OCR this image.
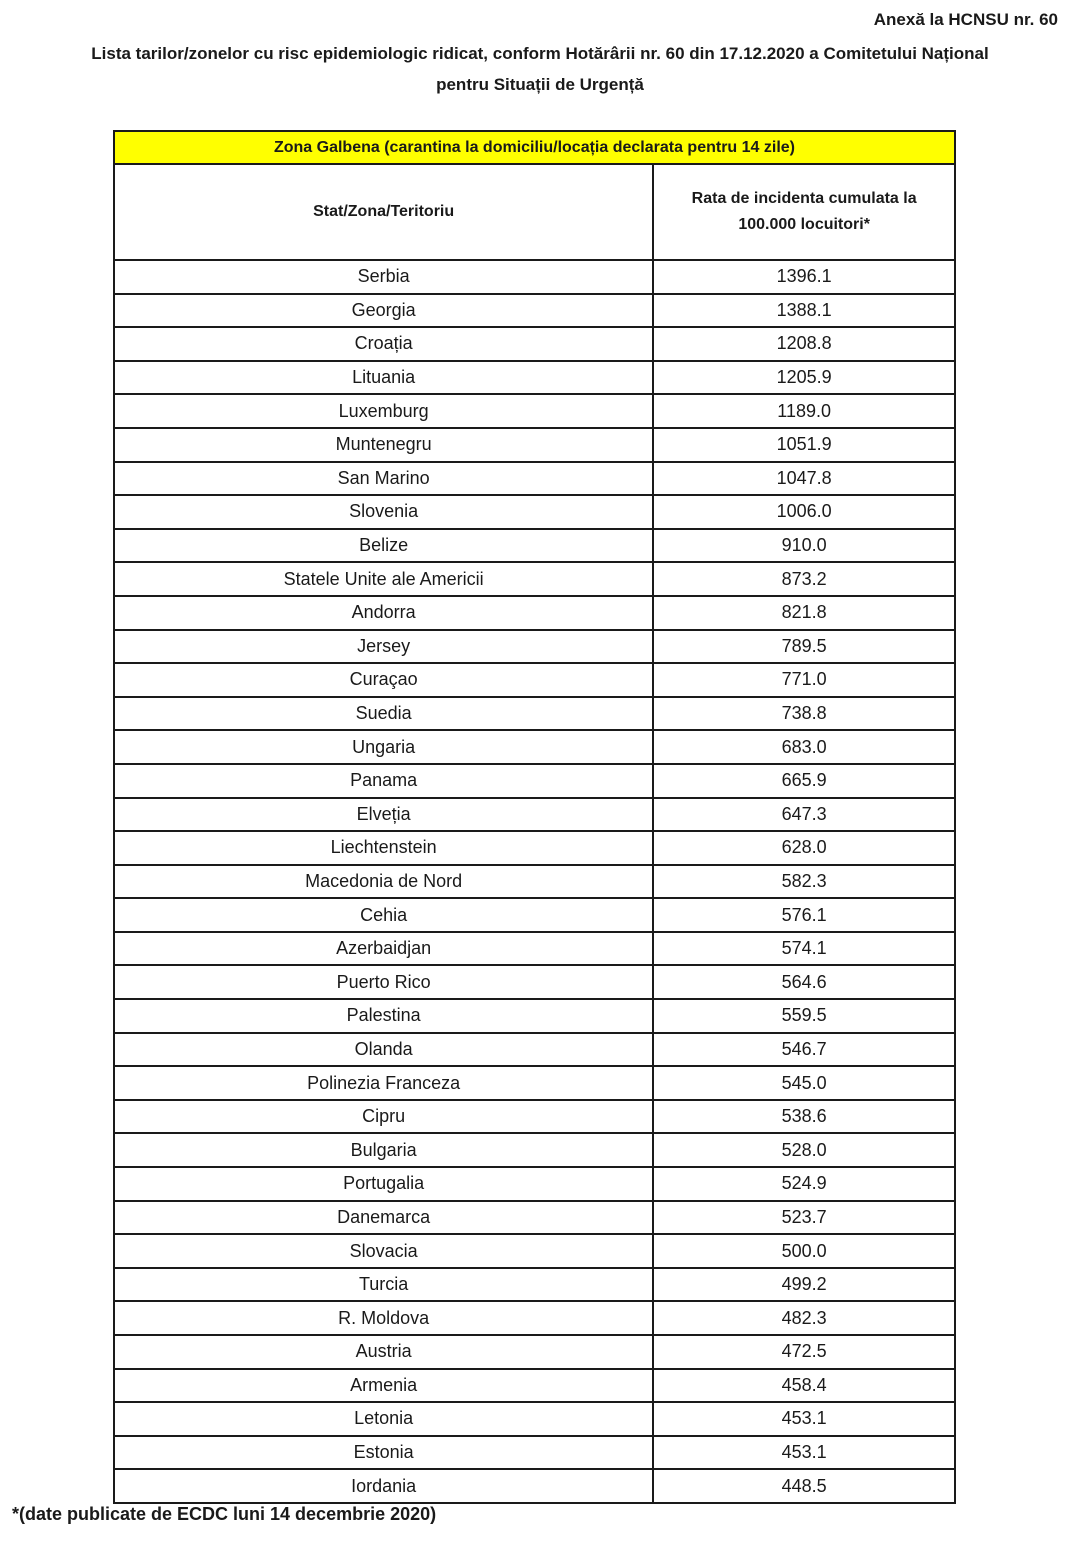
Anexă la HCNSU nr. 60
Lista tarilor/zonelor cu risc epidemiologic ridicat, conform Hotărârii nr. 60 din 17.12.2020 a Comitetului Național
pentru Situații de Urgență
Zona Galbena (carantina la domiciliu/locația declarata pentru 14 zile)	
Stat/Zona/Teritoriu	Rata de incidenta cumulata la
100.000 locuitori*
Serbia	1396.1
Georgia	1388.1
Croația	1208.8
Lituania	1205.9
Luxemburg	1189.0
Muntenegru	1051.9
San Marino	1047.8
Slovenia	1006.0
Belize	910.0
Statele Unite ale Americii	873.2
Andorra	821.8
Jersey	789.5
Curaçao	771.0
Suedia	738.8
Ungaria	683.0
Panama	665.9
Elveția	647.3
Liechtenstein	628.0
Macedonia de Nord	582.3
Cehia	576.1
Azerbaidjan	574.1
Puerto Rico	564.6
Palestina	559.5
Olanda	546.7
Polinezia Franceza	545.0
Cipru	538.6
Bulgaria	528.0
Portugalia	524.9
Danemarca	523.7
Slovacia	500.0
Turcia	499.2
R. Moldova	482.3
Austria	472.5
Armenia	458.4
Letonia	453.1
Estonia	453.1
Iordania	448.5
*(date publicate de ECDC luni 14 decembrie 2020)
